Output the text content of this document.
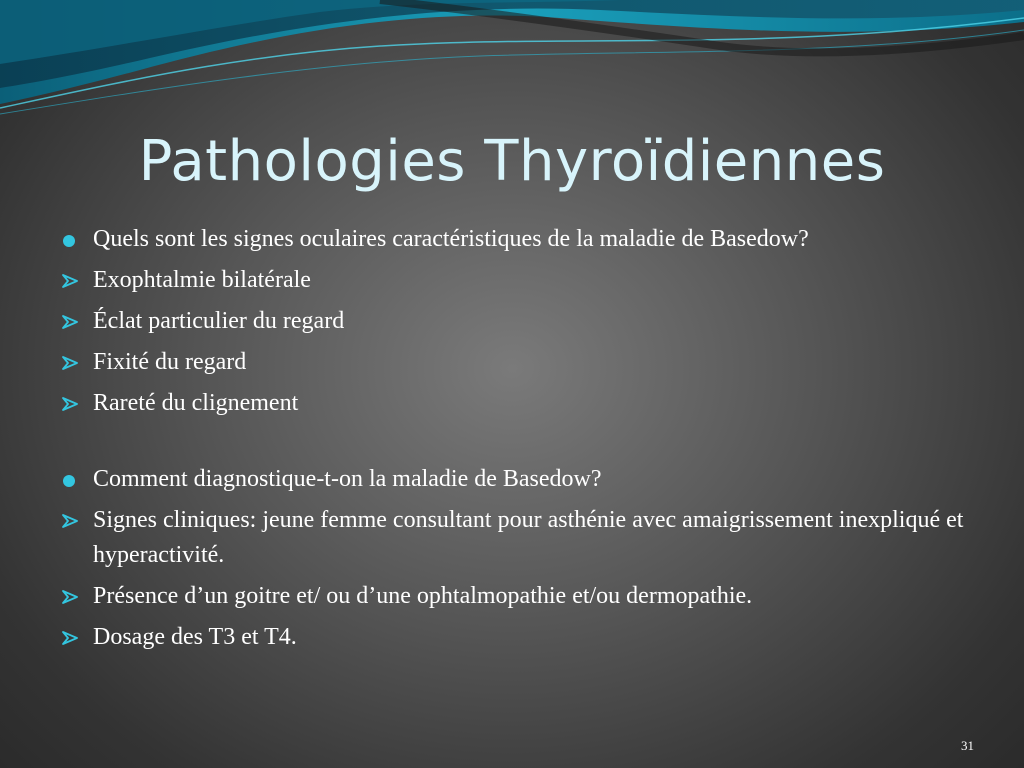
Pathologies Thyroïdiennes
Quels sont les signes oculaires caractéristiques de la maladie de Basedow?
Exophtalmie bilatérale
Éclat particulier du regard
Fixité du regard
Rareté du clignement
Comment diagnostique-t-on la maladie de Basedow?
Signes cliniques: jeune femme consultant pour asthénie avec amaigrissement inexpliqué et hyperactivité.
Présence d’un goitre et/ ou d’une ophtalmopathie et/ou dermopathie.
Dosage des T3 et T4.
31
